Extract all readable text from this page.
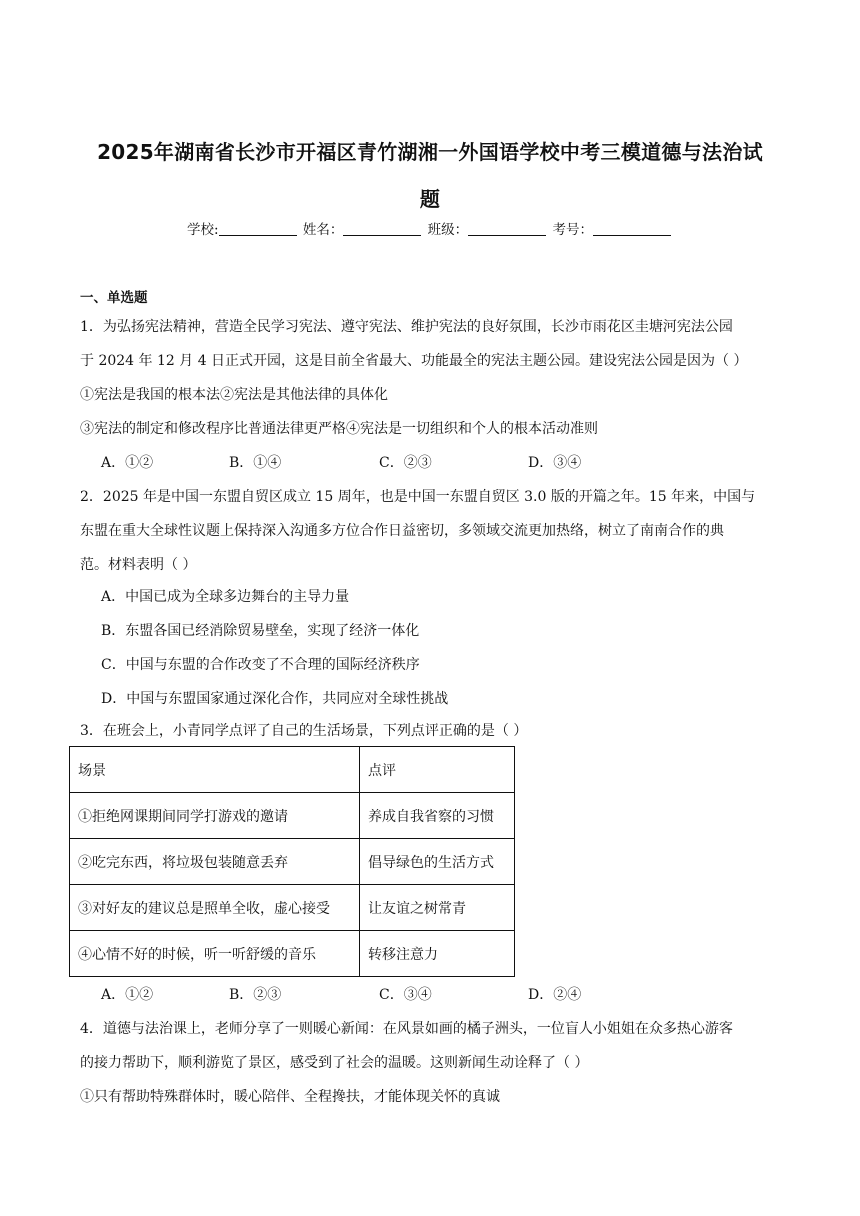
2025年湖南省长沙市开福区青竹湖湘一外国语学校中考三模道德与法治试
题
学校:	姓名：	班级：	考号：
一、单选题
1．为弘扬宪法精神，营造全民学习宪法、遵守宪法、维护宪法的良好氛围，长沙市雨花区圭塘河宪法公园
于 2024 年 12 月 4 日正式开园，这是目前全省最大、功能最全的宪法主题公园。建设宪法公园是因为（ ）
①宪法是我国的根本法②宪法是其他法律的具体化
③宪法的制定和修改程序比普通法律更严格④宪法是一切组织和个人的根本活动准则
A．①②	B．①④	C．②③	D．③④
2．2025 年是中国一东盟自贸区成立 15 周年，也是中国一东盟自贸区 3.0 版的开篇之年。15 年来，中国与
东盟在重大全球性议题上保持深入沟通多方位合作日益密切，多领域交流更加热络，树立了南南合作的典
范。材料表明（ ）
A．中国已成为全球多边舞台的主导力量
B．东盟各国已经消除贸易壁垒，实现了经济一体化
C．中国与东盟的合作改变了不合理的国际经济秩序
D．中国与东盟国家通过深化合作，共同应对全球性挑战
3．在班会上，小青同学点评了自己的生活场景，下列点评正确的是（ ）
场景	点评
①拒绝网课期间同学打游戏的邀请	养成自我省察的习惯
②吃完东西，将垃圾包装随意丢弃	倡导绿色的生活方式
③对好友的建议总是照单全收，虚心接受	让友谊之树常青
④心情不好的时候，听一听舒缓的音乐	转移注意力
A．①②	B．②③	C．③④	D．②④
4．道德与法治课上，老师分享了一则暖心新闻：在风景如画的橘子洲头，一位盲人小姐姐在众多热心游客
的接力帮助下，顺利游览了景区，感受到了社会的温暖。这则新闻生动诠释了（ ）
①只有帮助特殊群体时，暖心陪伴、全程搀扶，才能体现关怀的真诚
